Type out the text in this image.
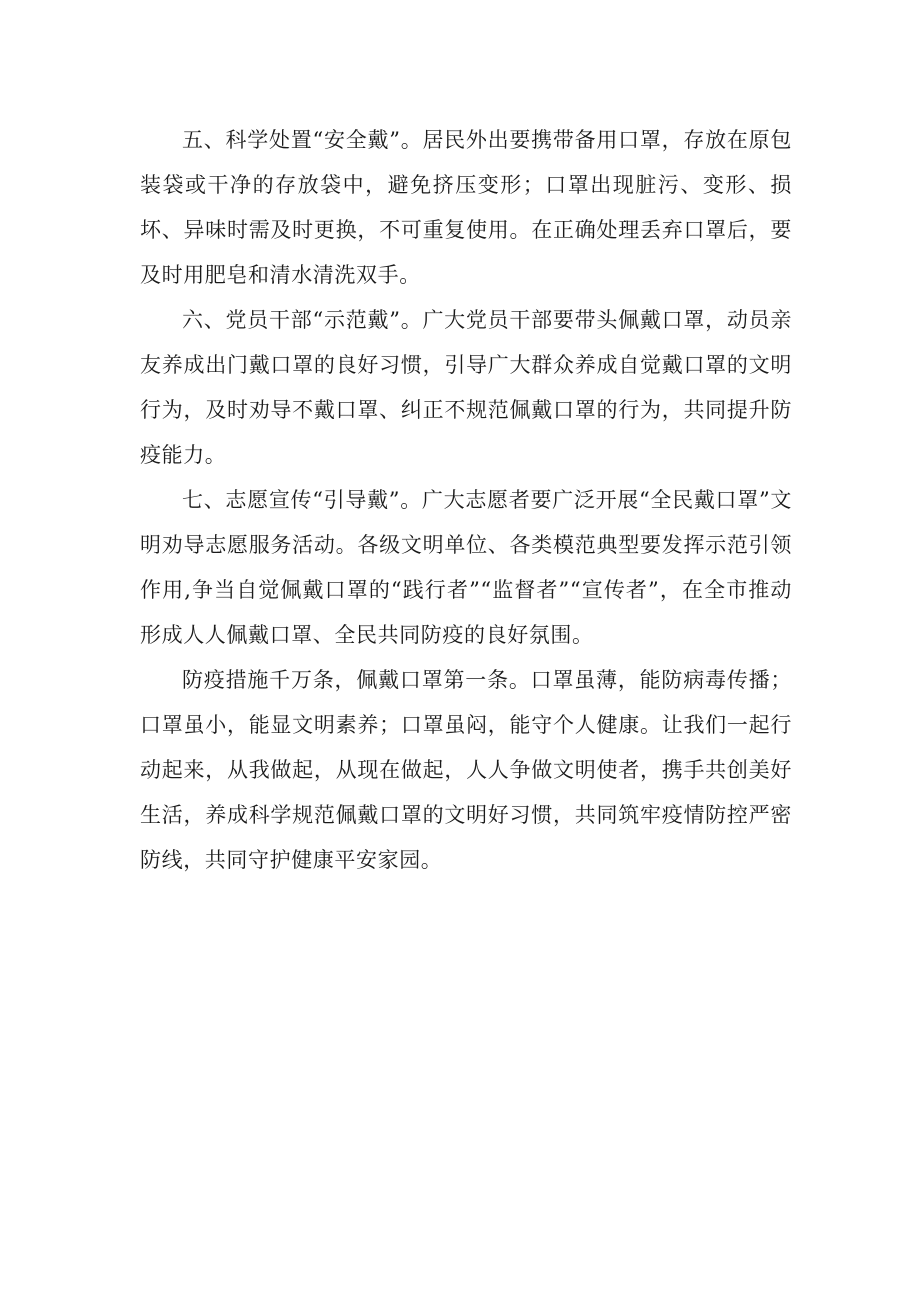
五、科学处置“安全戴”。居民外出要携带备用口罩，存放在原包装袋或干净的存放袋中，避免挤压变形；口罩出现脏污、变形、损坏、异味时需及时更换，不可重复使用。在正确处理丢弃口罩后，要及时用肥皂和清水清洗双手。

六、党员干部“示范戴”。广大党员干部要带头佩戴口罩，动员亲友养成出门戴口罩的良好习惯，引导广大群众养成自觉戴口罩的文明行为，及时劝导不戴口罩、纠正不规范佩戴口罩的行为，共同提升防疫能力。

七、志愿宣传“引导戴”。广大志愿者要广泛开展“全民戴口罩”文明劝导志愿服务活动。各级文明单位、各类模范典型要发挥示范引领作用,争当自觉佩戴口罩的“践行者”“监督者”“宣传者”，在全市推动形成人人佩戴口罩、全民共同防疫的良好氛围。

防疫措施千万条，佩戴口罩第一条。口罩虽薄，能防病毒传播；口罩虽小，能显文明素养；口罩虽闷，能守个人健康。让我们一起行动起来，从我做起，从现在做起，人人争做文明使者，携手共创美好生活，养成科学规范佩戴口罩的文明好习惯，共同筑牢疫情防控严密防线，共同守护健康平安家园。
